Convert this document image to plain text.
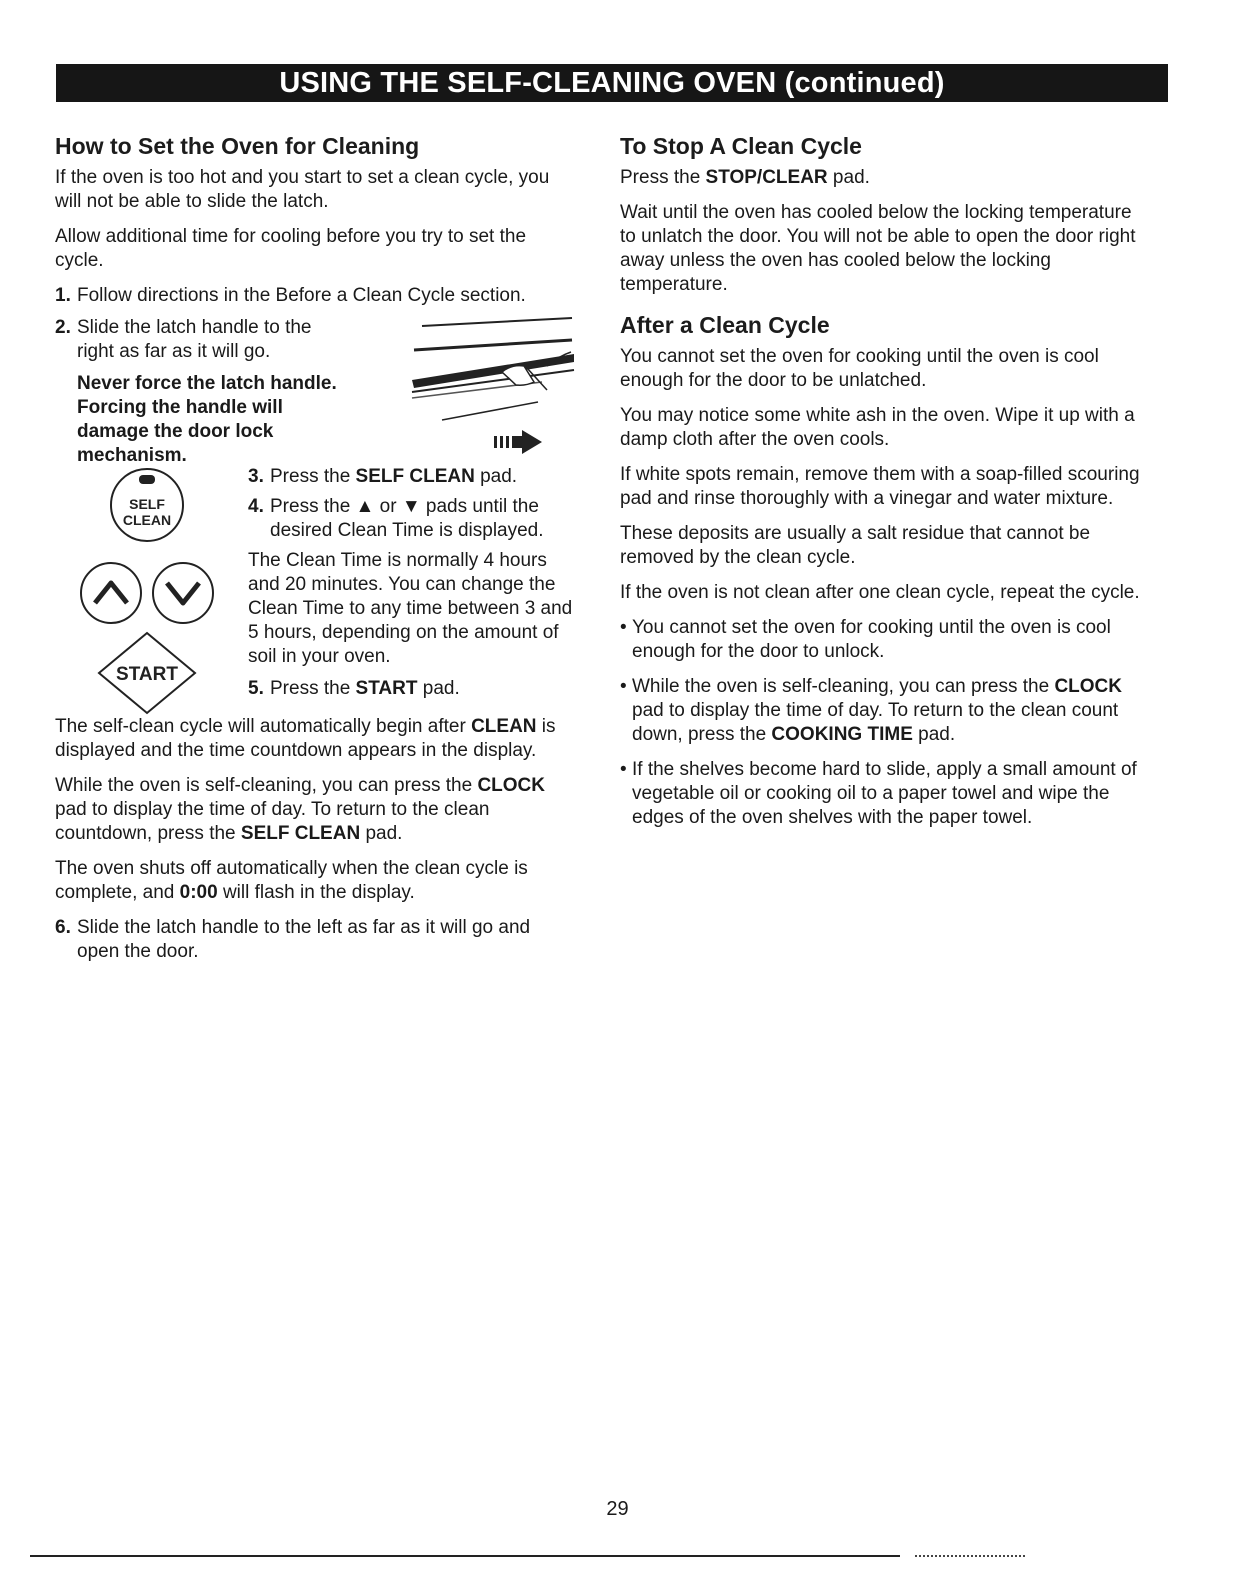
USING THE SELF-CLEANING OVEN (continued)
How to Set the Oven for Cleaning

If the oven is too hot and you start to set a clean cycle, you will not be able to slide the latch.

Allow additional time for cooling before you try to set the cycle.

1. Follow directions in the Before a Clean Cycle section.
2. Slide the latch handle to the right as far as it will go.
Never force the latch handle. Forcing the handle will damage the door lock mechanism.
SELF
CLEAN
START
3. Press the SELF CLEAN pad.
4. Press the ▲ or ▼ pads until the desired Clean Time is displayed.

The Clean Time is normally 4 hours and 20 minutes. You can change the Clean Time to any time between 3 and 5 hours, depending on the amount of soil in your oven.

5. Press the START pad.

The self-clean cycle will automatically begin after CLEAN is displayed and the time countdown appears in the display.

While the oven is self-cleaning, you can press the CLOCK pad to display the time of day. To return to the clean countdown, press the SELF CLEAN pad.

The oven shuts off automatically when the clean cycle is complete, and 0:00 will flash in the display.

6. Slide the latch handle to the left as far as it will go and open the door.
To Stop A Clean Cycle

Press the STOP/CLEAR pad.

Wait until the oven has cooled below the locking temperature to unlatch the door. You will not be able to open the door right away unless the oven has cooled below the locking temperature.

After a Clean Cycle

You cannot set the oven for cooking until the oven is cool enough for the door to be unlatched.

You may notice some white ash in the oven. Wipe it up with a damp cloth after the oven cools.

If white spots remain, remove them with a soap-filled scouring pad and rinse thoroughly with a vinegar and water mixture.

These deposits are usually a salt residue that cannot be removed by the clean cycle.

If the oven is not clean after one clean cycle, repeat the cycle.

• You cannot set the oven for cooking until the oven is cool enough for the door to unlock.
• While the oven is self-cleaning, you can press the CLOCK pad to display the time of day. To return to the clean count down, press the COOKING TIME pad.
• If the shelves become hard to slide, apply a small amount of vegetable oil or cooking oil to a paper towel and wipe the edges of the oven shelves with the paper towel.
29
